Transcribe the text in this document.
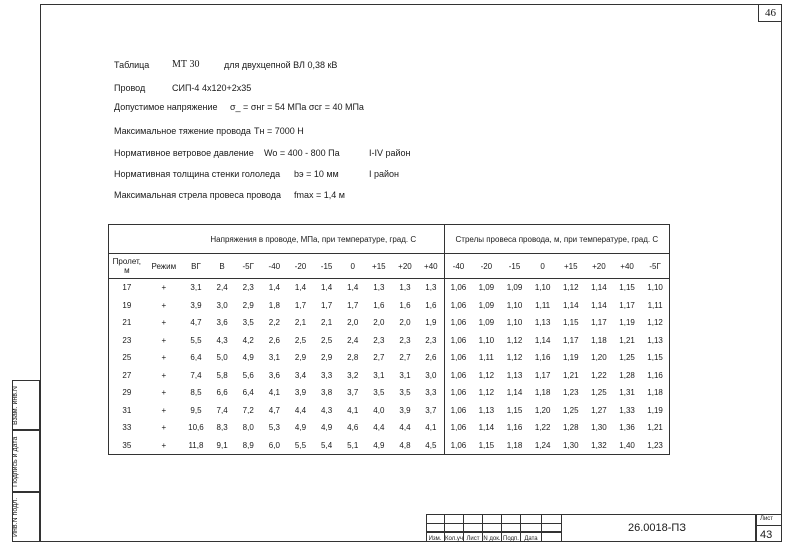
46
Взам. инв.N
Подпись и дата
Инв.N подл.
Таблица МТ 30	для двухцепной ВЛ 0,38 кВ
Провод	СИП-4 4х120+2х35
Допустимое напряжение σ_ = σнг = 54 МПа σcг = 40 МПа
Максимальное тяжение провода Tн = 7000 Н
Нормативное ветровое давление Wo = 400 - 800 Па	I-IV район
Нормативная толщина стенки гололеда bэ = 10 мм	I район
Максимальная стрела провеса провода fmax = 1,4 м
		Напряжения в проводе, МПа, при температуре, град. С										Стрелы провеса провода, м, при температуре, град. С							
Пролет, м	Режим	ВГ	В	-5Г	-40	-20	-15	0	+15	+20	+40	-40	-20	-15	0	+15	+20	+40	-5Г
17	+	3,1	2,4	2,3	1,4	1,4	1,4	1,4	1,3	1,3	1,3	1,06	1,09	1,09	1,10	1,12	1,14	1,15	1,10
19	+	3,9	3,0	2,9	1,8	1,7	1,7	1,7	1,6	1,6	1,6	1,06	1,09	1,10	1,11	1,14	1,14	1,17	1,11
21	+	4,7	3,6	3,5	2,2	2,1	2,1	2,0	2,0	2,0	1,9	1,06	1,09	1,10	1,13	1,15	1,17	1,19	1,12
23	+	5,5	4,3	4,2	2,6	2,5	2,5	2,4	2,3	2,3	2,3	1,06	1,10	1,12	1,14	1,17	1,18	1,21	1,13
25	+	6,4	5,0	4,9	3,1	2,9	2,9	2,8	2,7	2,7	2,6	1,06	1,11	1,12	1,16	1,19	1,20	1,25	1,15
27	+	7,4	5,8	5,6	3,6	3,4	3,3	3,2	3,1	3,1	3,0	1,06	1,12	1,13	1,17	1,21	1,22	1,28	1,16
29	+	8,5	6,6	6,4	4,1	3,9	3,8	3,7	3,5	3,5	3,3	1,06	1,12	1,14	1,18	1,23	1,25	1,31	1,18
31	+	9,5	7,4	7,2	4,7	4,4	4,3	4,1	4,0	3,9	3,7	1,06	1,13	1,15	1,20	1,25	1,27	1,33	1,19
33	+	10,6	8,3	8,0	5,3	4,9	4,9	4,6	4,4	4,4	4,1	1,06	1,14	1,16	1,22	1,28	1,30	1,36	1,21
35	+	11,8	9,1	8,9	6,0	5,5	5,4	5,1	4,9	4,8	4,5	1,06	1,15	1,18	1,24	1,30	1,32	1,40	1,23
Изм. Кол.уч Лист N док. Подп. Дата
26.0018-ПЗ
Лист
43
